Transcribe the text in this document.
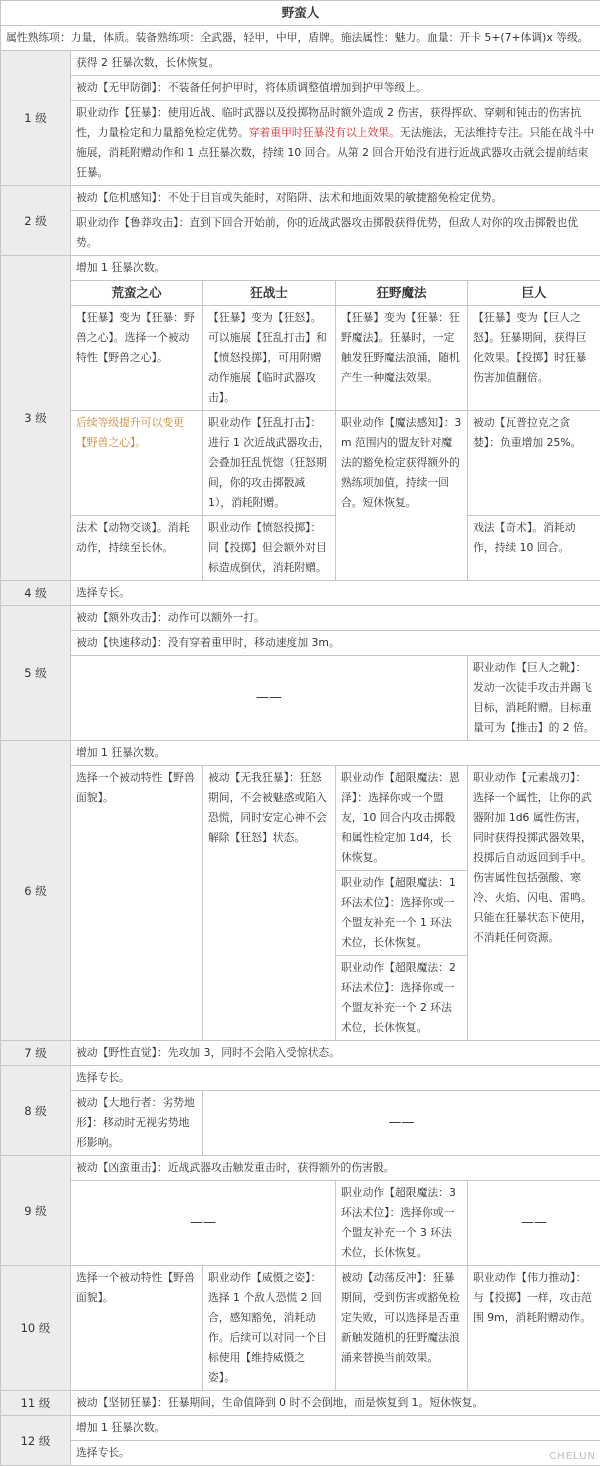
野蛮人				
属性熟练项：力量，体质。装备熟练项：全武器，轻甲，中甲，盾牌。施法属性：魅力。血量：开卡 5+(7+体调)x 等级。				
1 级	获得 2 狂暴次数，长休恢复。			
	被动【无甲防御】：不装备任何护甲时，将体质调整值增加到护甲等级上。			
	职业动作【狂暴】：使用近战、临时武器以及投掷物品时额外造成 2 伤害，获得挥砍、穿刺和钝击的伤害抗性，力量检定和力量豁免检定优势。穿着重甲时狂暴没有以上效果。无法施法，无法维持专注。只能在战斗中施展，消耗附赠动作和 1 点狂暴次数，持续 10 回合。从第 2 回合开始没有进行近战武器攻击就会提前结束狂暴。			
2 级	被动【危机感知】：不处于目盲或失能时，对陷阱、法术和地面效果的敏捷豁免检定优势。			
	职业动作【鲁莽攻击】：直到下回合开始前，你的近战武器攻击掷骰获得优势，但敌人对你的攻击掷骰也优势。			
3 级	增加 1 狂暴次数。			
	荒蛮之心	狂战士	狂野魔法	巨人
	【狂暴】变为【狂暴：野兽之心】。选择一个被动特性【野兽之心】。	【狂暴】变为【狂怒】。可以施展【狂乱打击】和【愤怒投掷】，可用附赠动作施展【临时武器攻击】。	【狂暴】变为【狂暴：狂野魔法】。狂暴时，一定触发狂野魔法浪涌，随机产生一种魔法效果。	【狂暴】变为【巨人之怒】。狂暴期间，获得巨化效果。【投掷】时狂暴伤害加值翻倍。
	后续等级提升可以变更【野兽之心】。	职业动作【狂乱打击】：进行 1 次近战武器攻击，会叠加狂乱恍惚（狂怒期间，你的攻击掷骰减 1），消耗附赠。	职业动作【魔法感知】：3m 范围内的盟友针对魔法的豁免检定获得额外的熟练项加值，持续一回合。短休恢复。	被动【瓦普拉克之贪婪】：负重增加 25%。
	法术【动物交谈】。消耗动作，持续至长休。	职业动作【愤怒投掷】：同【投掷】但会额外对目标造成倒伏，消耗附赠。		戏法【奇术】。消耗动作，持续 10 回合。
4 级	选择专长。			
5 级	被动【额外攻击】：动作可以额外一打。			
	被动【快速移动】：没有穿着重甲时，移动速度加 3m。			
	——			职业动作【巨人之靴】：发动一次徒手攻击并踢飞目标，消耗附赠。目标重量可为【推击】的 2 倍。
6 级	增加 1 狂暴次数。			
	选择一个被动特性【野兽面貌】。	被动【无我狂暴】：狂怒期间，不会被魅惑或陷入恐慌，同时安定心神不会解除【狂怒】状态。	职业动作【超限魔法：恩泽】：选择你或一个盟友，10 回合内攻击掷骰和属性检定加 1d4，长休恢复。	职业动作【元素战刃】：选择一个属性，让你的武器附加 1d6 属性伤害，同时获得投掷武器效果，投掷后自动返回到手中。伤害属性包括强酸、寒冷、火焰、闪电、雷鸣。只能在狂暴状态下使用，不消耗任何资源。
			职业动作【超限魔法：1 环法术位】：选择你或一个盟友补充一个 1 环法术位，长休恢复。	
			职业动作【超限魔法：2 环法术位】：选择你或一个盟友补充一个 2 环法术位，长休恢复。	
7 级	被动【野性直觉】：先攻加 3，同时不会陷入受惊状态。			
8 级	选择专长。			
	被动【大地行者：劣势地形】：移动时无视劣势地形影响。	——		
9 级	被动【凶蛮重击】：近战武器攻击触发重击时，获得额外的伤害骰。			
	——		职业动作【超限魔法：3 环法术位】：选择你或一个盟友补充一个 3 环法术位，长休恢复。	——
10 级	选择一个被动特性【野兽面貌】。	职业动作【威慑之姿】：选择 1 个敌人恐慌 2 回合，感知豁免，消耗动作。后续可以对同一个目标使用【维持威慑之姿】。	被动【动荡反冲】：狂暴期间，受到伤害或豁免检定失败，可以选择是否重新触发随机的狂野魔法浪涌来替换当前效果。	职业动作【伟力推动】：与【投掷】一样，攻击范围 9m，消耗附赠动作。
11 级	被动【坚韧狂暴】：狂暴期间，生命值降到 0 时不会倒地，而是恢复到 1。短休恢复。			
12 级	增加 1 狂暴次数。			
	选择专长。				CHELUN
